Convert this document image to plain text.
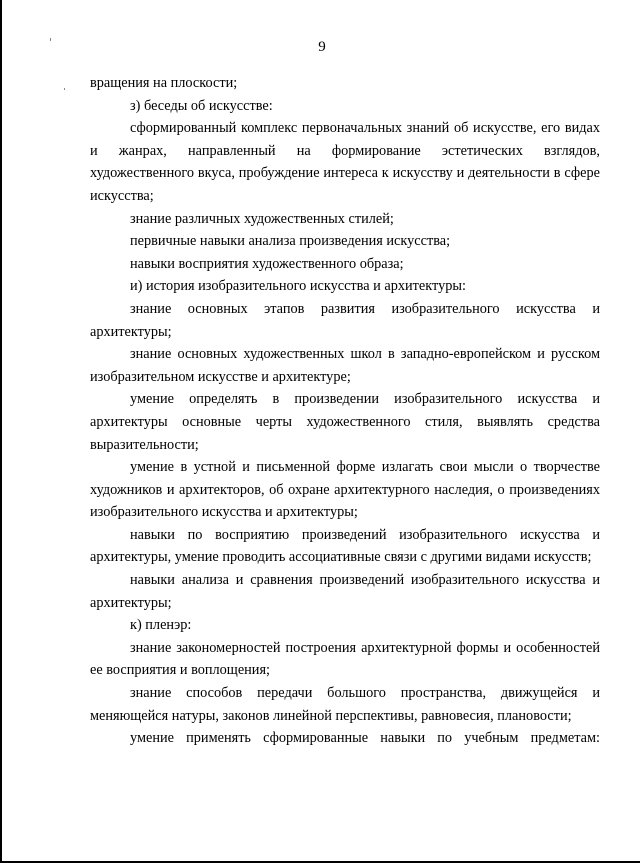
9

вращения на плоскости;

з) беседы об искусстве:

сформированный комплекс первоначальных знаний об искусстве, его видах и жанрах, направленный на формирование эстетических взглядов, художественного вкуса, пробуждение интереса к искусству и деятельности в сфере искусства;

знание различных художественных стилей;

первичные навыки анализа произведения искусства;

навыки восприятия художественного образа;

и) история изобразительного искусства и архитектуры:

знание основных этапов развития изобразительного искусства и архитектуры;

знание основных художественных школ в западно-европейском и русском изобразительном искусстве и архитектуре;

умение определять в произведении изобразительного искусства и архитектуры основные черты художественного стиля, выявлять средства выразительности;

умение в устной и письменной форме излагать свои мысли о творчестве художников и архитекторов, об охране архитектурного наследия, о произведениях изобразительного искусства и архитектуры;

навыки по восприятию произведений изобразительного искусства и архитектуры, умение проводить ассоциативные связи с другими видами искусств;

навыки анализа и сравнения произведений изобразительного искусства и архитектуры;

к) пленэр:

знание закономерностей построения архитектурной формы и особенностей ее восприятия и воплощения;

знание способов передачи большого пространства, движущейся и меняющейся натуры, законов линейной перспективы, равновесия, плановости;

умение применять сформированные навыки по учебным предметам:
